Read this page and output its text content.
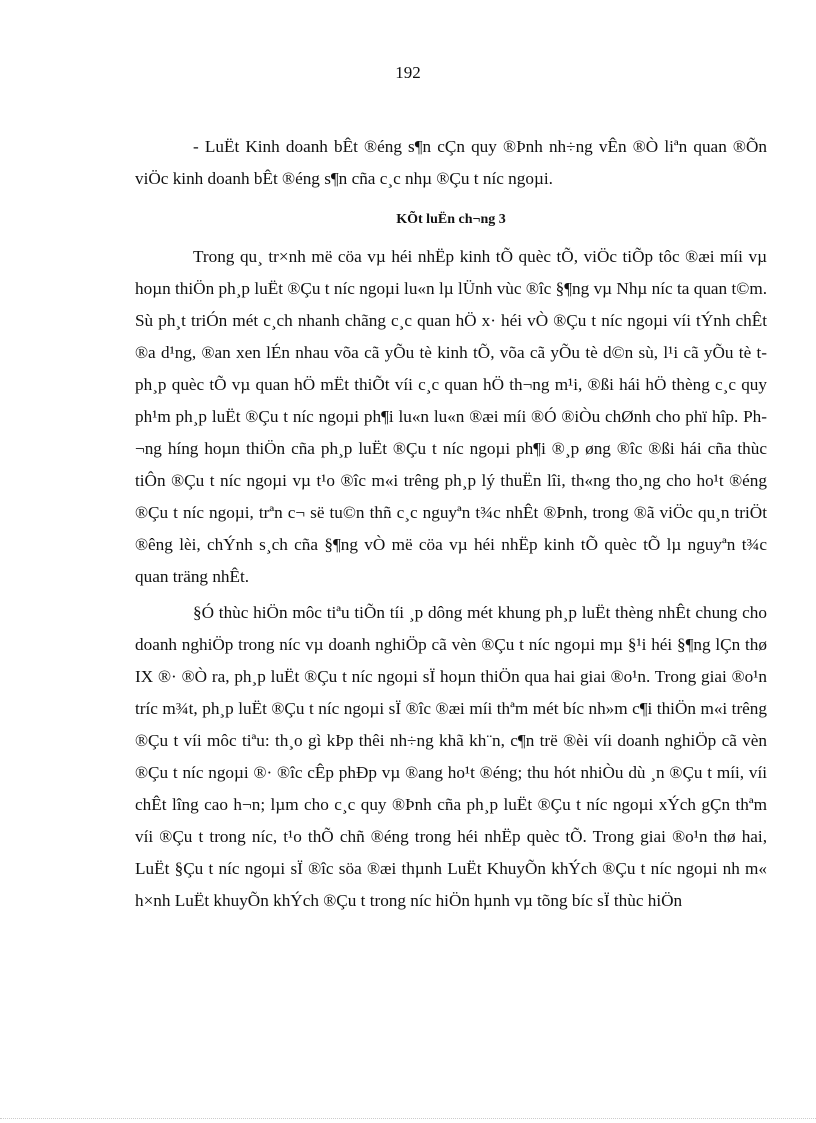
192

- LuËt Kinh doanh bÊt ®éng s¶n cÇn quy ®Þnh nh÷ng vÊn ®Ò liªn quan ®Õn viÖc kinh doanh bÊt ®éng s¶n cña c¸c nhµ ®Çu t níc ngoµi.

KÕt luËn ch¬ng 3

Trong qu¸ tr×nh më cöa vµ héi nhËp kinh tÕ quèc tÕ, viÖc tiÕp tôc ®æi míi vµ hoµn thiÖn ph¸p luËt ®Çu t níc ngoµi lu«n lµ lÜnh vùc ®îc §¶ng vµ Nhµ níc ta quan t©m. Sù ph¸t triÓn mét c¸ch nhanh chãng c¸c quan hÖ x· héi vÒ ®Çu t níc ngoµi víi tÝnh chÊt ®a d¹ng, ®an xen lÉn nhau võa cã yÕu tè kinh tÕ, võa cã yÕu tè d©n sù, l¹i cã yÕu tè t ph¸p quèc tÕ vµ quan hÖ mËt thiÕt víi c¸c quan hÖ th¬ng m¹i, ®ßi hái hÖ thèng c¸c quy ph¹m ph¸p luËt ®Çu t níc ngoµi ph¶i lu«n lu«n ®æi míi ®Ó ®iÒu chØnh cho phï hîp. Ph¬ng híng hoµn thiÖn cña ph¸p luËt ®Çu t níc ngoµi ph¶i ®¸p øng ®îc ®ßi hái cña thùc tiÔn ®Çu t níc ngoµi vµ t¹o ®îc m«i trêng ph¸p lý thuËn lîi, th«ng tho¸ng cho ho¹t ®éng ®Çu t níc ngoµi, trªn c¬ së tu©n thñ c¸c nguyªn t¾c nhÊt ®Þnh, trong ®ã viÖc qu¸n triÖt ®êng lèi, chÝnh s¸ch cña §¶ng vÒ më cöa vµ héi nhËp kinh tÕ quèc tÕ lµ nguyªn t¾c quan träng nhÊt.

§Ó thùc hiÖn môc tiªu tiÕn tíi ¸p dông mét khung ph¸p luËt thèng nhÊt chung cho doanh nghiÖp trong níc vµ doanh nghiÖp cã vèn ®Çu t níc ngoµi mµ §¹i héi §¶ng lÇn thø IX ®· ®Ò ra, ph¸p luËt ®Çu t níc ngoµi sÏ hoµn thiÖn qua hai giai ®o¹n. Trong giai ®o¹n tríc m¾t, ph¸p luËt ®Çu t níc ngoµi sÏ ®îc ®æi míi thªm mét bíc nh»m c¶i thiÖn m«i trêng ®Çu t víi môc tiªu: th¸o gì kÞp thêi nh÷ng khã kh¨n, c¶n trë ®èi víi doanh nghiÖp cã vèn ®Çu t níc ngoµi ®· ®îc cÊp phÐp vµ ®ang ho¹t ®éng; thu hót nhiÒu dù ¸n ®Çu t míi, víi chÊt lîng cao h¬n; lµm cho c¸c quy ®Þnh cña ph¸p luËt ®Çu t níc ngoµi xÝch gÇn thªm víi ®Çu t trong níc, t¹o thÕ chñ ®éng trong héi nhËp quèc tÕ. Trong giai ®o¹n thø hai, LuËt §Çu t níc ngoµi sÏ ®îc söa ®æi thµnh LuËt KhuyÕn khÝch ®Çu t níc ngoµi nh m« h×nh LuËt khuyÕn khÝch ®Çu t trong níc hiÖn hµnh vµ tõng bíc sÏ thùc hiÖn
